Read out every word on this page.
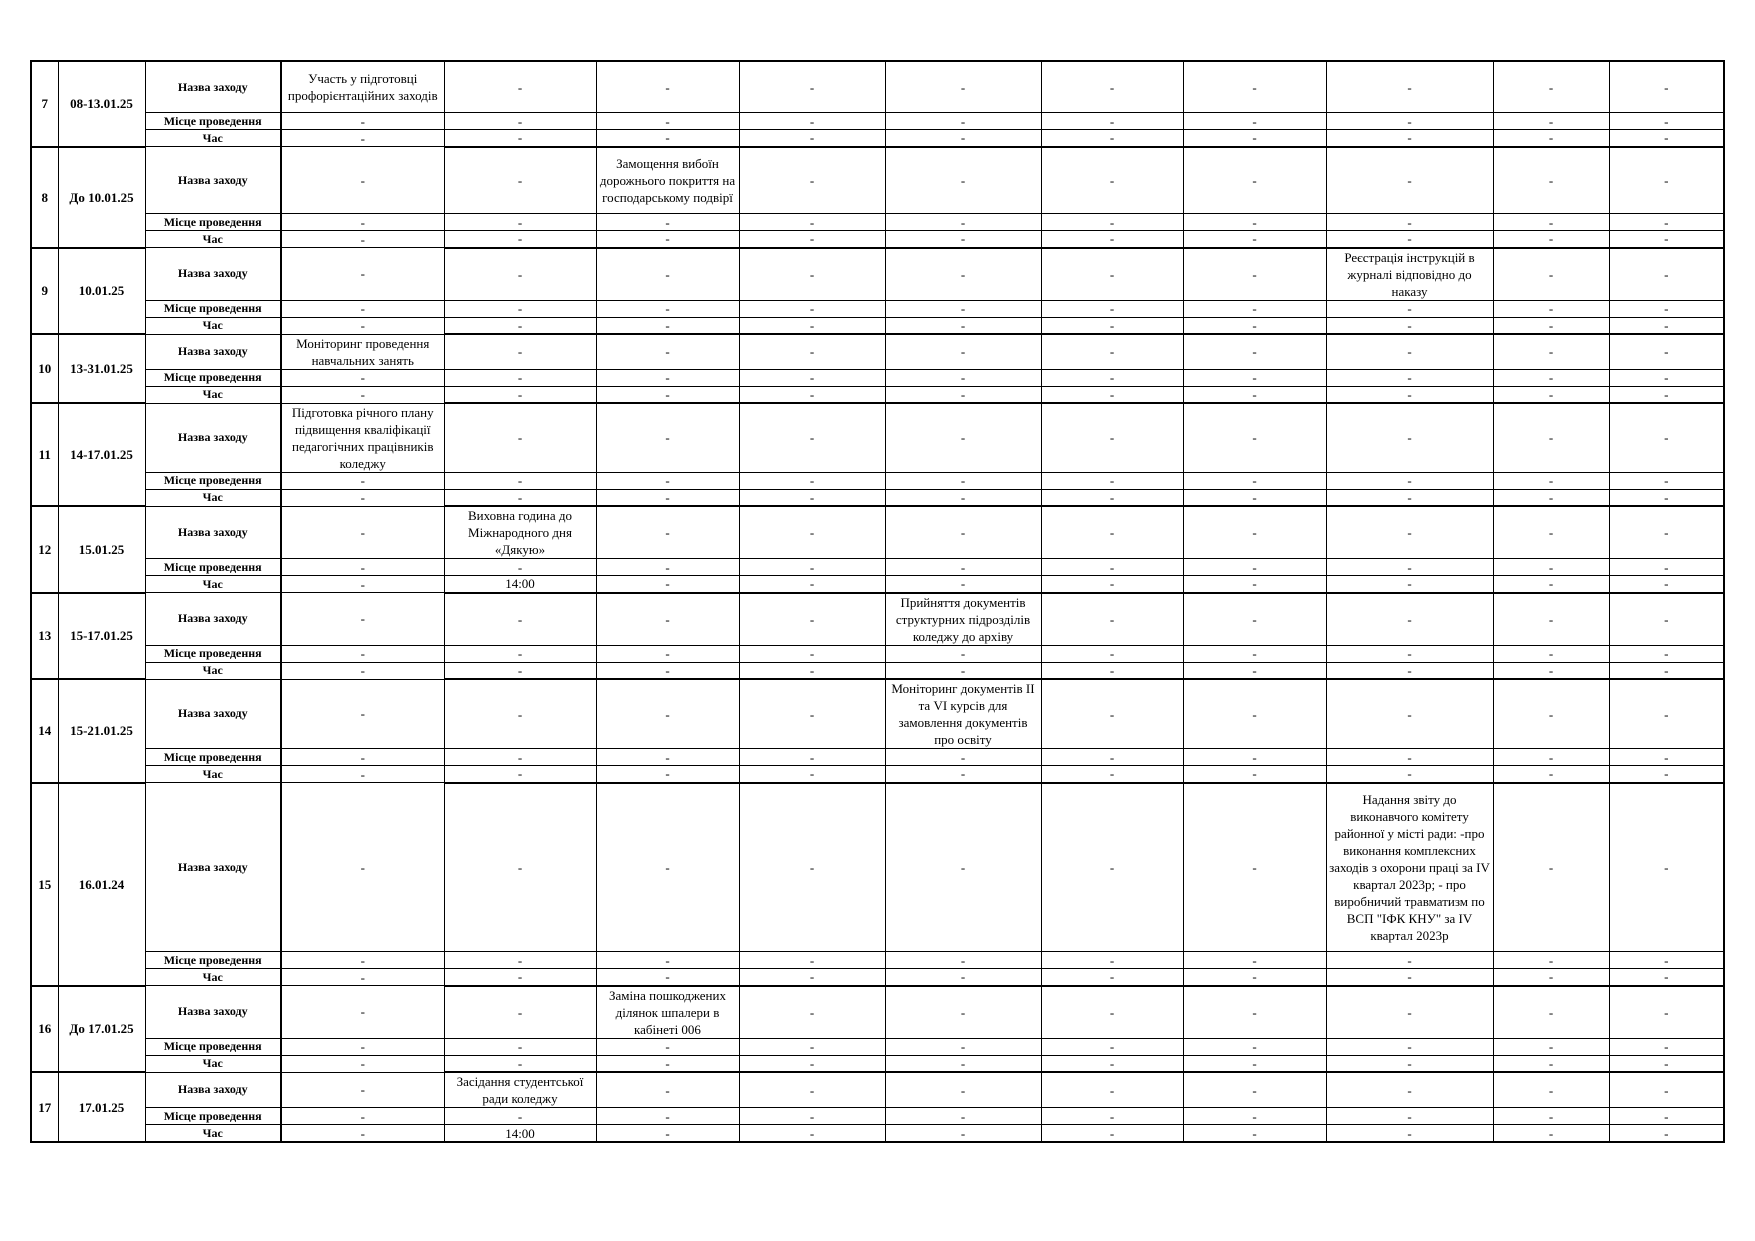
7	08-13.01.25	Назва заходу	Участь у підготовці профорієнтаційних заходів	-	-	-	-	-	-	-	-	-
		Місце проведення	-	-	-	-	-	-	-	-	-	-
		Час	-	-	-	-	-	-	-	-	-	-
8	До 10.01.25	Назва заходу	-	-	Замощення вибоїн дорожнього покриття на господарському подвірї	-	-	-	-	-	-	-
		Місце проведення	-	-	-	-	-	-	-	-	-	-
		Час	-	-	-	-	-	-	-	-	-	-
9	10.01.25	Назва заходу	-	-	-	-	-	-	-	Реєстрація інструкцій в журналі відповідно до наказу	-	-
		Місце проведення	-	-	-	-	-	-	-	-	-	-
		Час	-	-	-	-	-	-	-	-	-	-
10	13-31.01.25	Назва заходу	Моніторинг проведення навчальних занять	-	-	-	-	-	-	-	-	-
		Місце проведення	-	-	-	-	-	-	-	-	-	-
		Час	-	-	-	-	-	-	-	-	-	-
11	14-17.01.25	Назва заходу	Підготовка річного плану підвищення кваліфікації педагогічних працівників коледжу	-	-	-	-	-	-	-	-	-
		Місце проведення	-	-	-	-	-	-	-	-	-	-
		Час	-	-	-	-	-	-	-	-	-	-
12	15.01.25	Назва заходу	-	Виховна година до Міжнародного дня «Дякую»	-	-	-	-	-	-	-	-
		Місце проведення	-	-	-	-	-	-	-	-	-	-
		Час	-	14:00	-	-	-	-	-	-	-	-
13	15-17.01.25	Назва заходу	-	-	-	-	Прийняття документів структурних підрозділів коледжу до архіву	-	-	-	-	-
		Місце проведення	-	-	-	-	-	-	-	-	-	-
		Час	-	-	-	-	-	-	-	-	-	-
14	15-21.01.25	Назва заходу	-	-	-	-	Моніторинг документів ІІ та VІ курсів для замовлення документів про освіту	-	-	-	-	-
		Місце проведення	-	-	-	-	-	-	-	-	-	-
		Час	-	-	-	-	-	-	-	-	-	-
15	16.01.24	Назва заходу	-	-	-	-	-	-	-	Надання звіту до виконавчого комітету районної у місті ради: -про виконання комплексних заходів з охорони праці за ІV квартал 2023р; - про виробничий травматизм по ВСП "ІФК КНУ" за IV квартал 2023р	-	-
		Місце проведення	-	-	-	-	-	-	-	-	-	-
		Час	-	-	-	-	-	-	-	-	-	-
16	До 17.01.25	Назва заходу	-	-	Заміна пошкоджених ділянок шпалери в кабінеті 006	-	-	-	-	-	-	-
		Місце проведення	-	-	-	-	-	-	-	-	-	-
		Час	-	-	-	-	-	-	-	-	-	-
17	17.01.25	Назва заходу	-	Засідання студентської ради коледжу	-	-	-	-	-	-	-	-
		Місце проведення	-	-	-	-	-	-	-	-	-	-
		Час	-	14:00	-	-	-	-	-	-	-	-
